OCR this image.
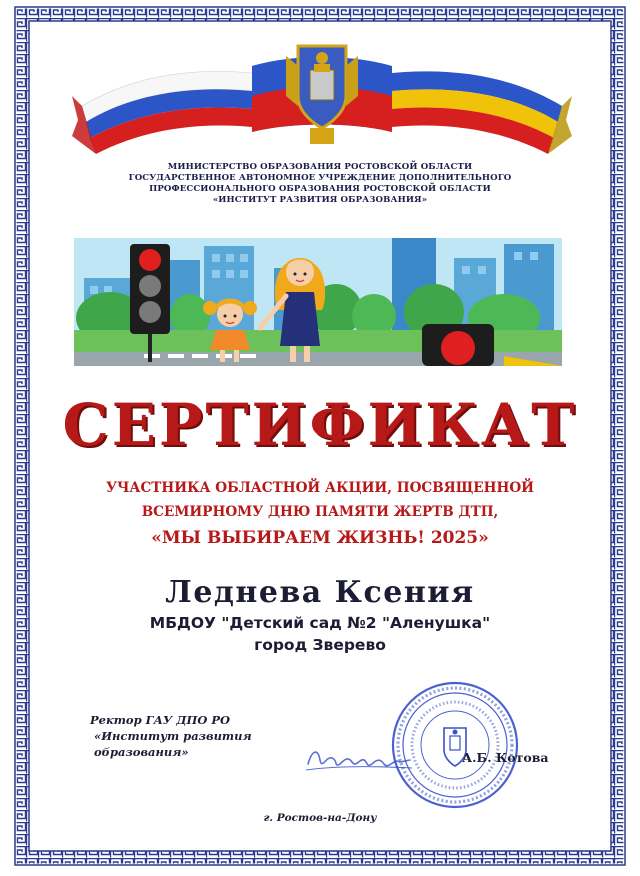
МИНИСТЕРСТВО ОБРАЗОВАНИЯ РОСТОВСКОЙ ОБЛАСТИ
ГОСУДАРСТВЕННОЕ АВТОНОМНОЕ УЧРЕЖДЕНИЕ ДОПОЛНИТЕЛЬНОГО
ПРОФЕССИОНАЛЬНОГО ОБРАЗОВАНИЯ РОСТОВСКОЙ ОБЛАСТИ
«ИНСТИТУТ РАЗВИТИЯ ОБРАЗОВАНИЯ»
СЕРТИФИКАТ
УЧАСТНИКА ОБЛАСТНОЙ АКЦИИ, ПОСВЯЩЕННОЙ
ВСЕМИРНОМУ ДНЮ ПАМЯТИ ЖЕРТВ ДТП,
«МЫ ВЫБИРАЕМ ЖИЗНЬ! 2025»
Леднева Ксения
МБДОУ "Детский сад №2 "Аленушка"
город Зверево
Ректор ГАУ ДПО РО
«Институт развития
образования»	А.Б. Котова
г. Ростов-на-Дону
